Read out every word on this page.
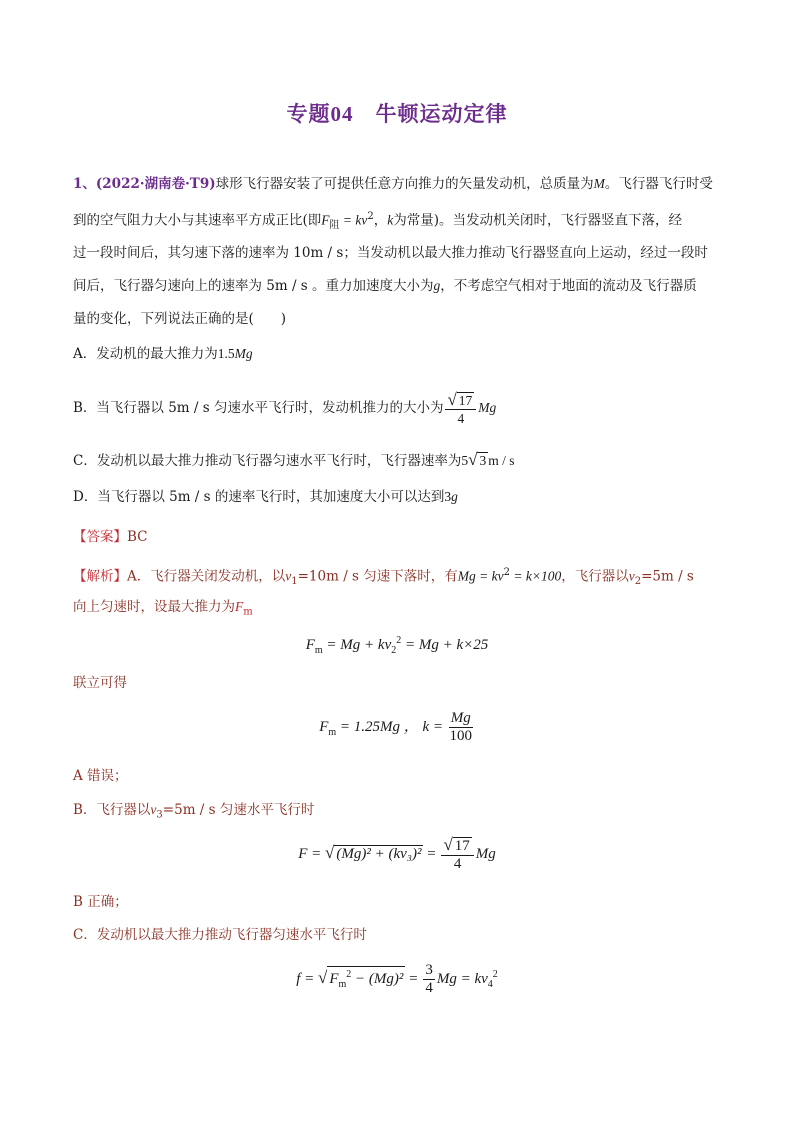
专题04 牛顿运动定律
1、(2022·湖南卷·T9)球形飞行器安装了可提供任意方向推力的矢量发动机，总质量为M。飞行器飞行时受
到的空气阻力大小与其速率平方成正比(即$F_阻 = kv^2$，k为常量)。当发动机关闭时，飞行器竖直下落，经
过一段时间后，其匀速下落的速率为 10m / s；当发动机以最大推力推动飞行器竖直向上运动，经过一段时
间后，飞行器匀速向上的速率为 5m / s 。重力加速度大小为g，不考虑空气相对于地面的流动及飞行器质
量的变化，下列说法正确的是(　　)
A．发动机的最大推力为1.5Mg
B．当飞行器以 5m / s 匀速水平飞行时，发动机推力的大小为 $\frac{√ 17}{4}$ Mg
C．发动机以最大推力推动飞行器匀速水平飞行时，飞行器速率为5√ 3 m / s
D．当飞行器以 5m / s 的速率飞行时，其加速度大小可以达到3g
【答案】BC
【解析】A．飞行器关闭发动机，以$v_1=10m / s$ 匀速下落时，有$Mg = kv^2 = k\times 100$，飞行器以$v_2=5m / s$
向上匀速时，设最大推力为$F_m$
$F_m = Mg + kv_2^2 = Mg + k\times 25$
联立可得
$F_m = 1.25Mg$ ， $k = \frac{Mg}{100}$
A 错误；
B．飞行器以$v_3=5m / s$ 匀速水平飞行时
F = √ $(Mg)^2 + (kv_3)^2 = \frac{√ 17}{4}$ Mg
B 正确；
C．发动机以最大推力推动飞行器匀速水平飞行时
f = √ $F_m^2 - (Mg)^2 = \frac{3}{4}$ $Mg = kv_4^2$
